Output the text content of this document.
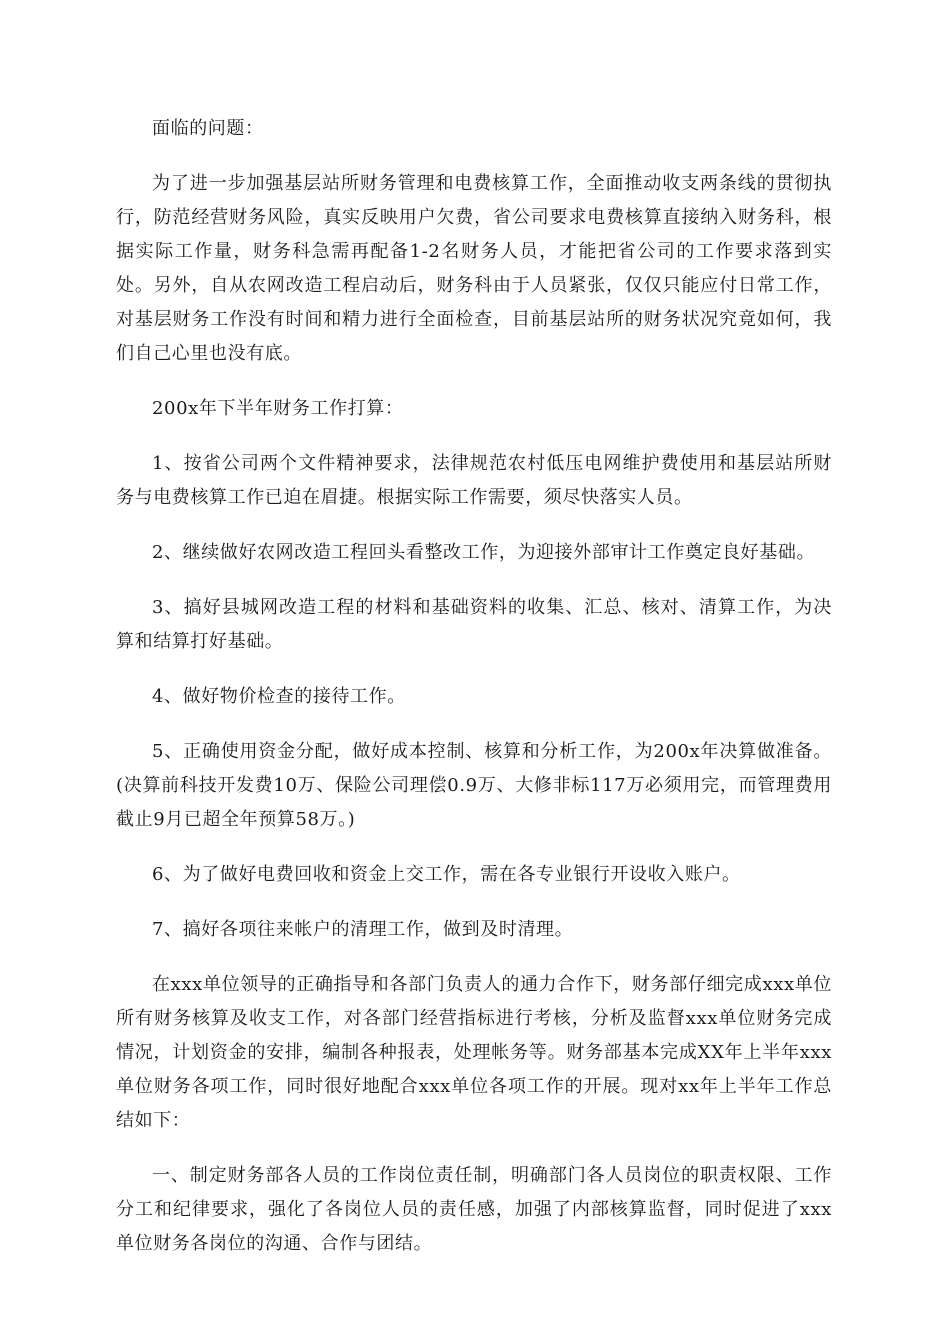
面临的问题：

为了进一步加强基层站所财务管理和电费核算工作，全面推动收支两条线的贯彻执行，防范经营财务风险，真实反映用户欠费，省公司要求电费核算直接纳入财务科，根据实际工作量，财务科急需再配备1-2名财务人员，才能把省公司的工作要求落到实处。另外，自从农网改造工程启动后，财务科由于人员紧张，仅仅只能应付日常工作，对基层财务工作没有时间和精力进行全面检查，目前基层站所的财务状况究竟如何，我们自己心里也没有底。

200x年下半年财务工作打算：

1、按省公司两个文件精神要求，法律规范农村低压电网维护费使用和基层站所财务与电费核算工作已迫在眉捷。根据实际工作需要，须尽快落实人员。

2、继续做好农网改造工程回头看整改工作，为迎接外部审计工作奠定良好基础。

3、搞好县城网改造工程的材料和基础资料的收集、汇总、核对、清算工作，为决算和结算打好基础。

4、做好物价检查的接待工作。

5、正确使用资金分配，做好成本控制、核算和分析工作，为200x年决算做准备。(决算前科技开发费10万、保险公司理偿0.9万、大修非标117万必须用完，而管理费用截止9月已超全年预算58万。)

6、为了做好电费回收和资金上交工作，需在各专业银行开设收入账户。

7、搞好各项往来帐户的清理工作，做到及时清理。

在xxx单位领导的正确指导和各部门负责人的通力合作下，财务部仔细完成xxx单位所有财务核算及收支工作，对各部门经营指标进行考核，分析及监督xxx单位财务完成情况，计划资金的安排，编制各种报表，处理帐务等。财务部基本完成XX年上半年xxx单位财务各项工作，同时很好地配合xxx单位各项工作的开展。现对xx年上半年工作总结如下：

一、制定财务部各人员的工作岗位责任制，明确部门各人员岗位的职责权限、工作分工和纪律要求，强化了各岗位人员的责任感，加强了内部核算监督，同时促进了xxx单位财务各岗位的沟通、合作与团结。
